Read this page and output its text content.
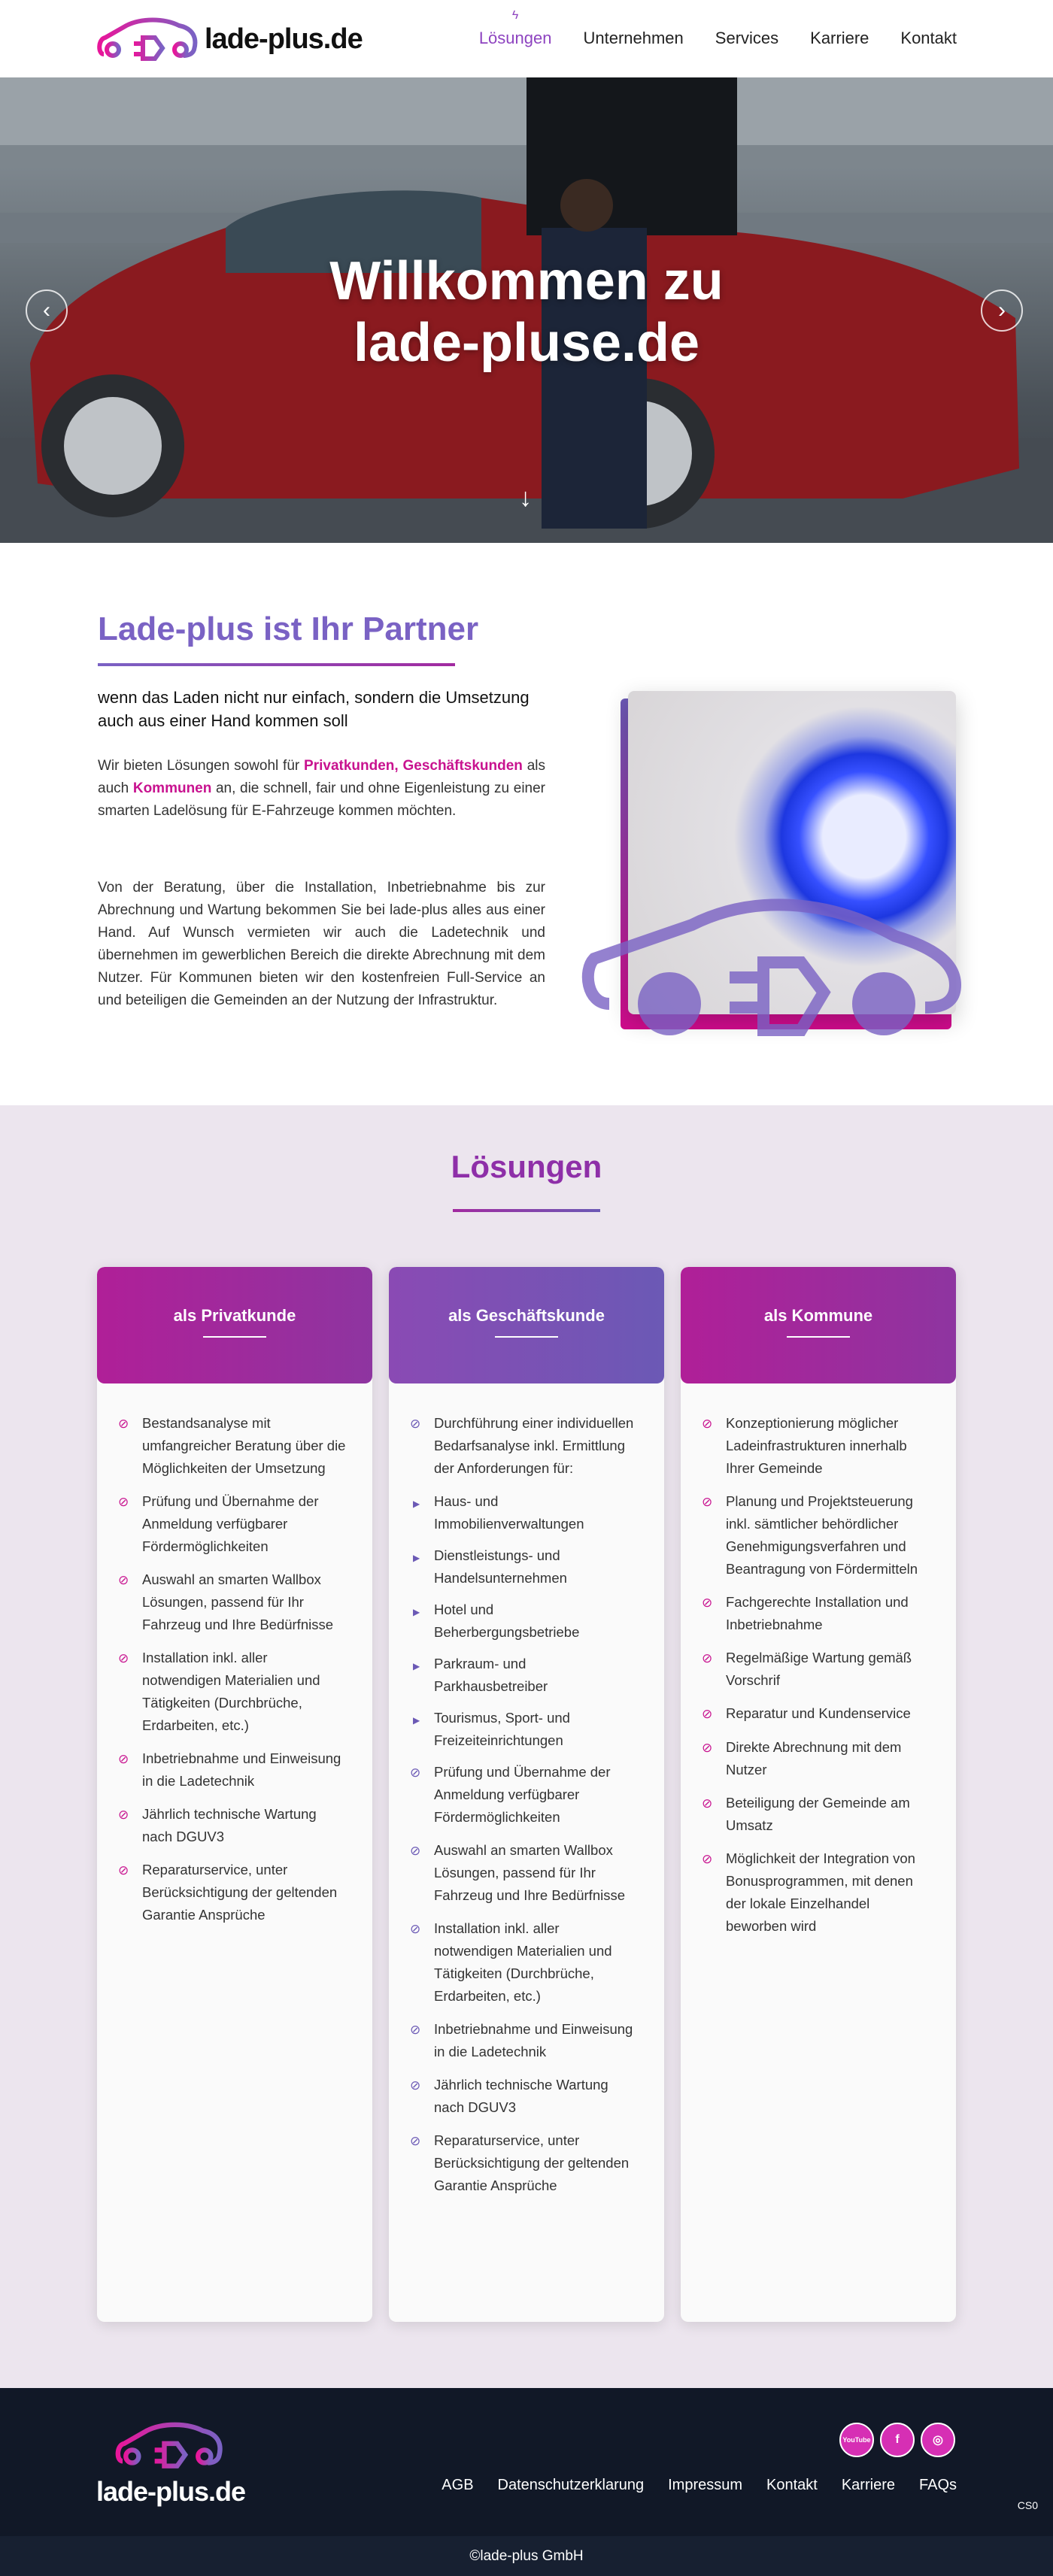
lade-plus.de
ϟ
Lösungen Unternehmen Services Karriere Kontakt
Willkommen zu
lade-pluse.de
‹	›
↓
Lade-plus ist Ihr Partner

wenn das Laden nicht nur einfach, sondern die Umsetzung auch aus einer Hand kommen soll

Wir bieten Lösungen sowohl für Privatkunden, Geschäftskunden als auch Kommunen an, die schnell, fair und ohne Eigenleistung zu einer smarten Ladelösung für E-Fahrzeuge kommen möchten.

Von der Beratung, über die Installation, Inbetriebnahme bis zur Abrechnung und Wartung bekommen Sie bei lade-plus alles aus einer Hand. Auf Wunsch vermieten wir auch die Ladetechnik und übernehmen im gewerblichen Bereich die direkte Abrechnung mit dem Nutzer. Für Kommunen bieten wir den kostenfreien Full-Service an und beteiligen die Gemeinden an der Nutzung der Infrastruktur.

Lösungen
als Privatkunde
⊘ Bestandsanalyse mit umfangreicher Beratung über die Möglichkeiten der Umsetzung
⊘ Prüfung und Übernahme der Anmeldung verfügbarer Fördermöglichkeiten
⊘ Auswahl an smarten Wallbox Lösungen, passend für Ihr Fahrzeug und Ihre Bedürfnisse
⊘ Installation inkl. aller notwendigen Materialien und Tätigkeiten (Durchbrüche, Erdarbeiten, etc.)
⊘ Inbetriebnahme und Einweisung in die Ladetechnik
⊘ Jährlich technische Wartung nach DGUV3
⊘ Reparaturservice, unter Berücksichtigung der geltenden Garantie Ansprüche
als Geschäftskunde
⊘ Durchführung einer individuellen Bedarfsanalyse inkl. Ermittlung der Anforderungen für:
▶	Haus- und Immobilienverwaltungen
▶	Dienstleistungs- und Handelsunternehmen
▶	Hotel und Beherbergungsbetriebe
▶	Parkraum- und Parkhausbetreiber
▶	Tourismus, Sport- und Freizeiteinrichtungen
⊘ Prüfung und Übernahme der Anmeldung verfügbarer Fördermöglichkeiten
⊘ Auswahl an smarten Wallbox Lösungen, passend für Ihr Fahrzeug und Ihre Bedürfnisse
⊘ Installation inkl. aller notwendigen Materialien und Tätigkeiten (Durchbrüche, Erdarbeiten, etc.)
⊘ Inbetriebnahme und Einweisung in die Ladetechnik
⊘ Jährlich technische Wartung nach DGUV3
⊘ Reparaturservice, unter Berücksichtigung der geltenden Garantie Ansprüche
als Kommune
⊘ Konzeptionierung möglicher Ladeinfrastrukturen innerhalb Ihrer Gemeinde
⊘ Planung und Projektsteuerung inkl. sämtlicher behördlicher Genehmigungsverfahren und Beantragung von Fördermitteln
⊘ Fachgerechte Installation und Inbetriebnahme
⊘ Regelmäßige Wartung gemäß Vorschrif
⊘ Reparatur und Kundenservice
⊘ Direkte Abrechnung mit dem Nutzer
⊘ Beteiligung der Gemeinde am Umsatz
⊘ Möglichkeit der Integration von Bonusprogrammen, mit denen der lokale Einzelhandel beworben wird
lade-plus.de
YouTube	f	◎
AGB Datenschutzerklarung Impressum Kontakt Karriere FAQs
CS0
©lade-plus GmbH
